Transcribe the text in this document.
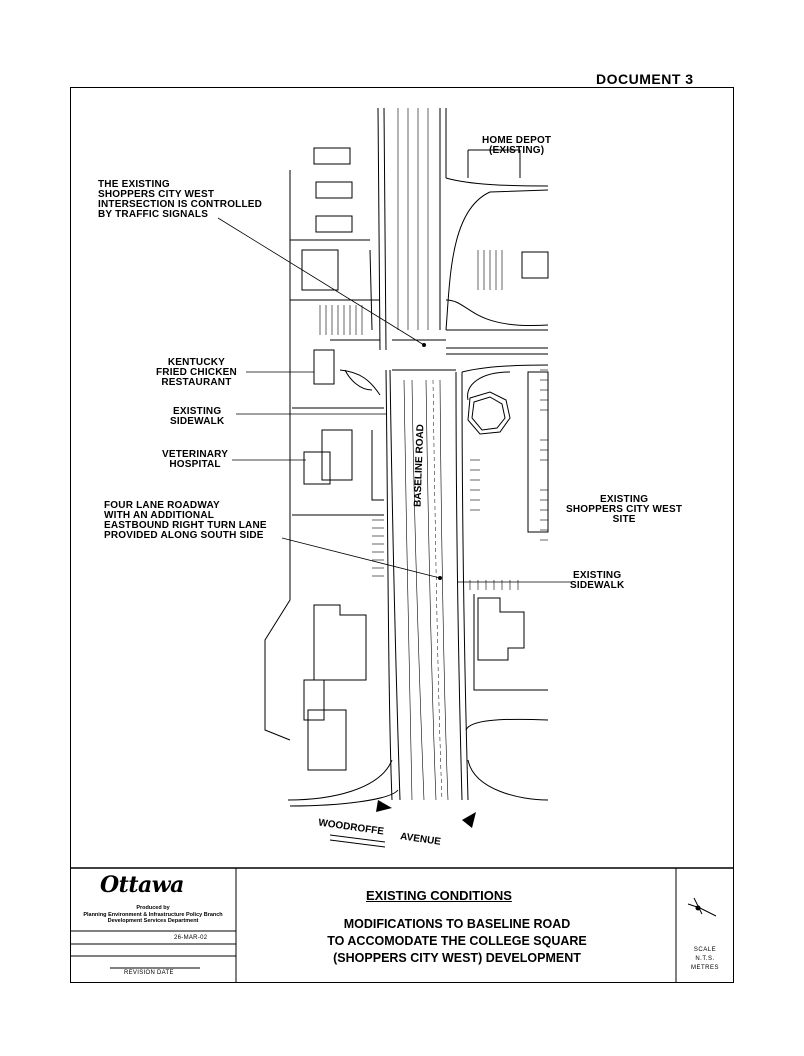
DOCUMENT 3
HOME DEPOT
(EXISTING)
THE EXISTING
SHOPPERS CITY WEST
INTERSECTION IS CONTROLLED
BY TRAFFIC SIGNALS
KENTUCKY
FRIED CHICKEN
RESTAURANT
EXISTING
SIDEWALK
VETERINARY
HOSPITAL
FOUR LANE ROADWAY
WITH AN ADDITIONAL
EASTBOUND RIGHT TURN LANE
PROVIDED ALONG SOUTH SIDE
EXISTING
SHOPPERS CITY WEST
SITE
EXISTING
SIDEWALK
BASELINE ROAD
WOODROFFE
AVENUE
Ottawa
Produced by
Planning Environment & Infrastructure Policy Branch
Development Services Department
26-MAR-02
REVISION DATE
EXISTING CONDITIONS
MODIFICATIONS TO BASELINE ROAD
TO ACCOMODATE THE COLLEGE SQUARE
(SHOPPERS CITY WEST) DEVELOPMENT
SCALE
N.T.S.
METRES
